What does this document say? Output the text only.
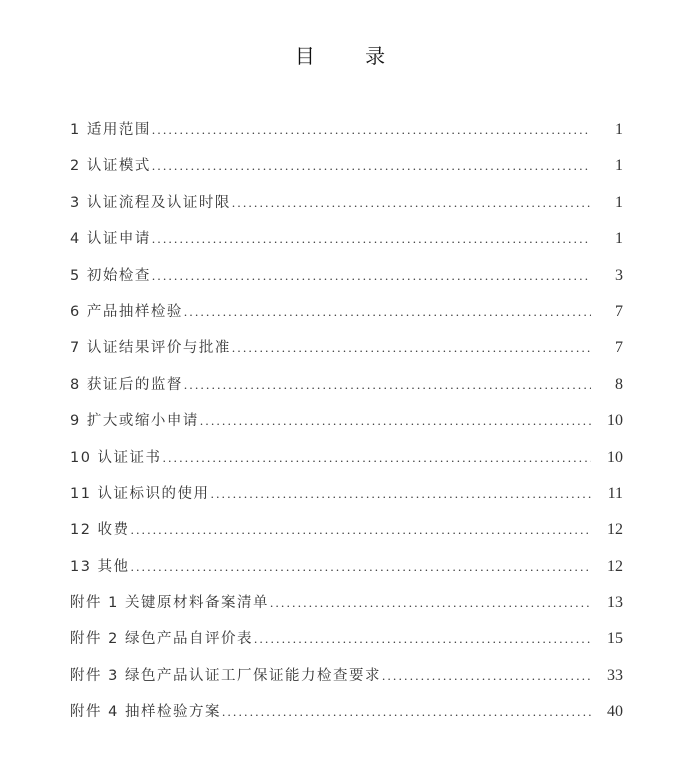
目 录
1 适用范围 .....	1
2 认证模式 .....	1
3 认证流程及认证时限 .....	1
4 认证申请 .....	1
5 初始检查 .....	3
6 产品抽样检验 .....	7
7 认证结果评价与批准 .....	7
8 获证后的监督 .....	8
9 扩大或缩小申请 .....	10
10 认证证书 .....	10
11 认证标识的使用 .....	11
12 收费 .....	12
13 其他 .....	12
附件 1 关键原材料备案清单 .....	13
附件 2 绿色产品自评价表 .....	15
附件 3 绿色产品认证工厂保证能力检查要求 .....	33
附件 4 抽样检验方案 .....	40
